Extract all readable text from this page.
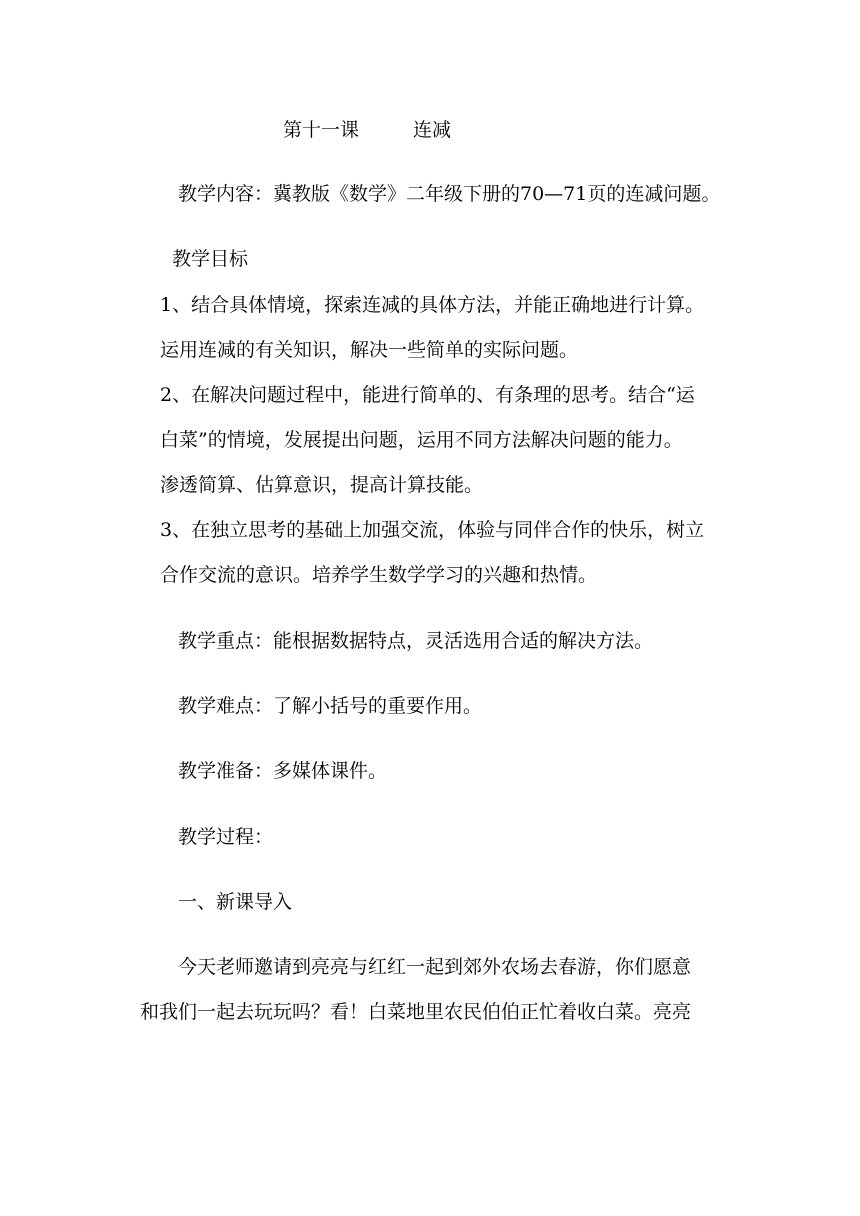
第十一课	连减
教学内容：冀教版《数学》二年级下册的70—71页的连减问题。
教学目标
1、结合具体情境，探索连减的具体方法，并能正确地进行计算。
运用连减的有关知识，解决一些简单的实际问题。
2、在解决问题过程中，能进行简单的、有条理的思考。结合“运
白菜”的情境，发展提出问题，运用不同方法解决问题的能力。
渗透简算、估算意识，提高计算技能。
3、在独立思考的基础上加强交流，体验与同伴合作的快乐，树立
合作交流的意识。培养学生数学学习的兴趣和热情。
教学重点：能根据数据特点，灵活选用合适的解决方法。
教学难点：了解小括号的重要作用。
教学准备：多媒体课件。
教学过程：
一、新课导入
今天老师邀请到亮亮与红红一起到郊外农场去春游，你们愿意
和我们一起去玩玩吗？看！白菜地里农民伯伯正忙着收白菜。亮亮
